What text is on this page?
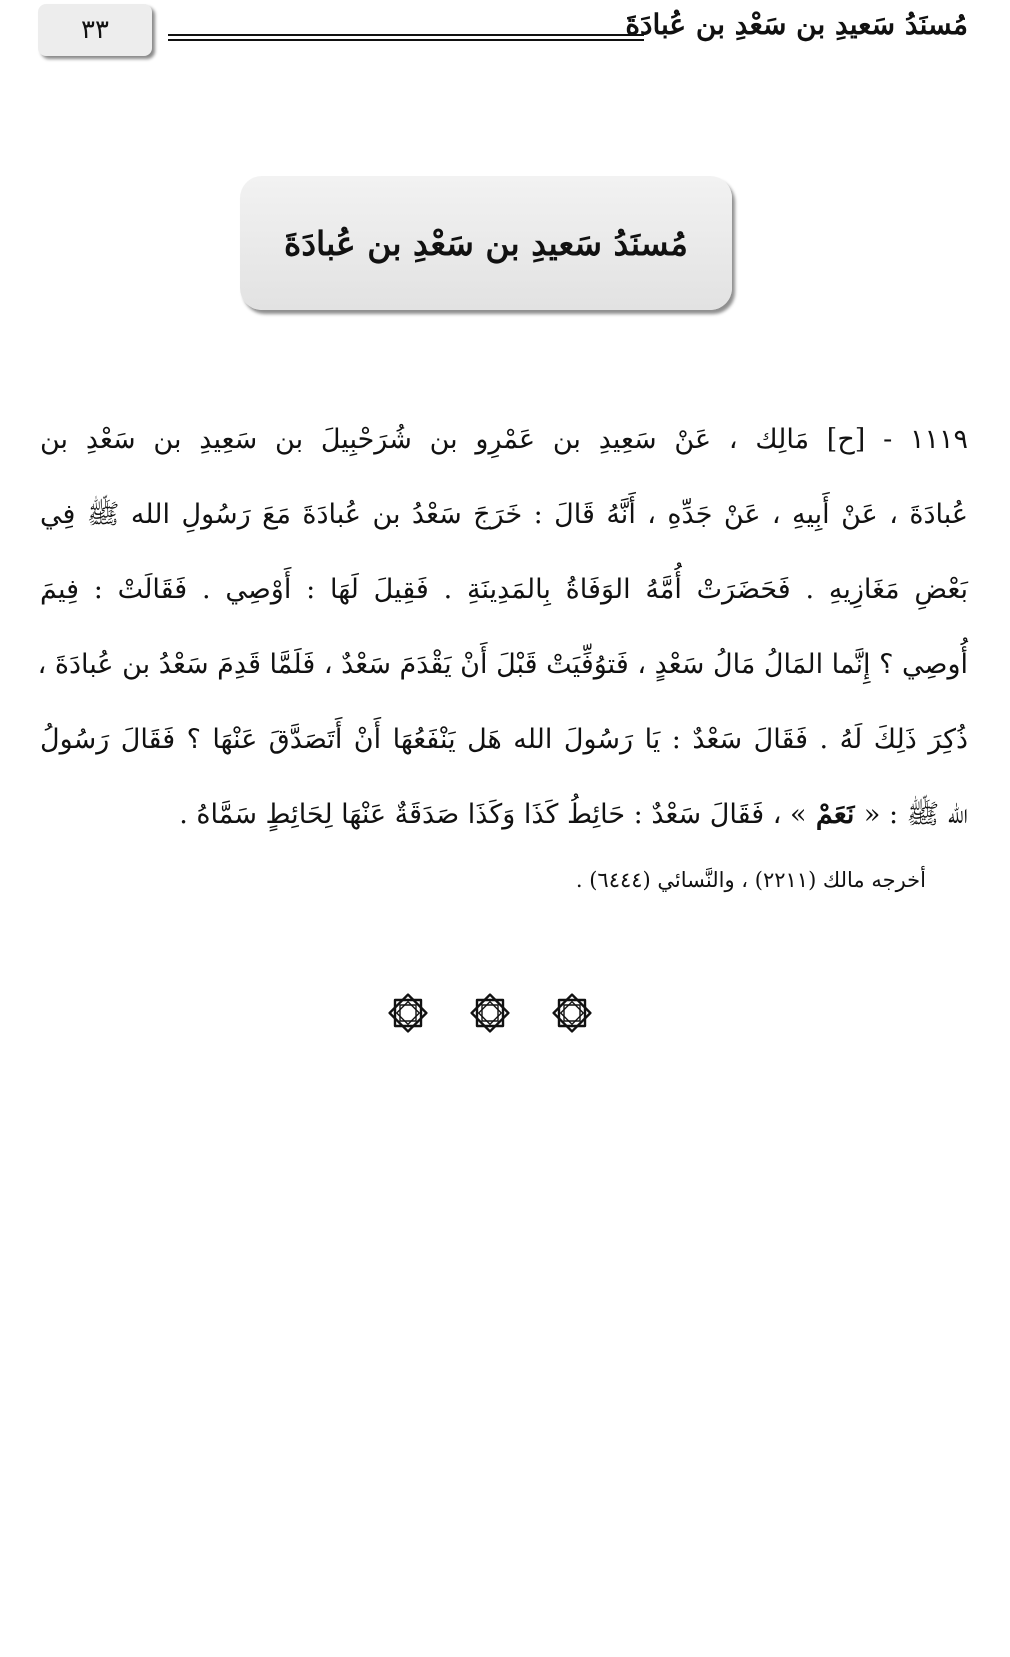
مُسنَدُ سَعيدِ بن سَعْدِ بن عُبادَةَ
٣٣
مُسنَدُ سَعيدِ بن سَعْدِ بن عُبادَةَ
١١١٩ - [ح] مَالِك ، عَنْ سَعِيدِ بن عَمْرِو بن شُرَحْبِيلَ بن سَعِيدِ بن سَعْدِ بن
عُبادَةَ ، عَنْ أَبِيهِ ، عَنْ جَدِّهِ ، أَنَّهُ قَالَ : خَرَجَ سَعْدُ بن عُبادَةَ مَعَ رَسُولِ الله ﷺ فِي
بَعْضِ مَغَازِيهِ . فَحَضَرَتْ أُمَّهُ الوَفَاةُ بِالمَدِينَةِ . فَقِيلَ لَهَا : أَوْصِي . فَقَالَتْ : فِيمَ
أُوصِي ؟ إِنَّما المَالُ مَالُ سَعْدٍ ، فَتوُفِّيَتْ قَبْلَ أَنْ يَقْدَمَ سَعْدٌ ، فَلَمَّا قَدِمَ سَعْدُ بن عُبادَةَ ،
ذُكِرَ ذَلِكَ لَهُ . فَقَالَ سَعْدٌ : يَا رَسُولَ الله هَل يَنْفَعُهَا أَنْ أَتَصَدَّقَ عَنْهَا ؟ فَقَالَ رَسُولُ
الله ﷺ : « نَعَمْ » ، فَقَالَ سَعْدٌ : حَائِطُ كَذَا وَكَذَا صَدَقَةٌ عَنْهَا لِحَائِطٍ سَمَّاهُ .
أخرجه مالك (٢٢١١) ، والنَّسائي (٦٤٤٤) .
